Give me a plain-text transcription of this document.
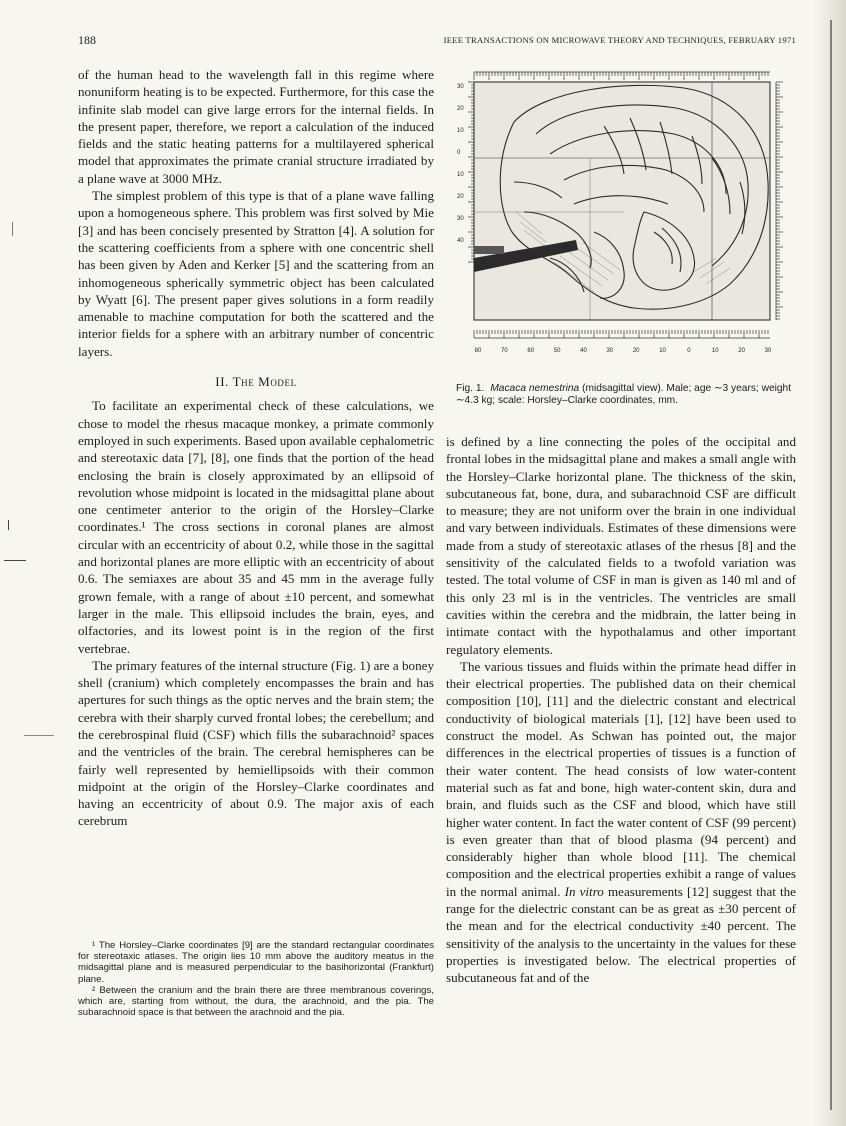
188	IEEE TRANSACTIONS ON MICROWAVE THEORY AND TECHNIQUES, FEBRUARY 1971

of the human head to the wavelength fall in this regime where nonuniform heating is to be expected. Furthermore, for this case the infinite slab model can give large errors for the internal fields. In the present paper, therefore, we report a calculation of the induced fields and the static heating patterns for a multilayered spherical model that approximates the primate cranial structure irradiated by a plane wave at 3000 MHz.

The simplest problem of this type is that of a plane wave falling upon a homogeneous sphere. This problem was first solved by Mie [3] and has been concisely presented by Stratton [4]. A solution for the scattering coefficients from a sphere with one concentric shell has been given by Aden and Kerker [5] and the scattering from an inhomogeneous spherically symmetric object has been calculated by Wyatt [6]. The present paper gives solutions in a form readily amenable to machine computation for both the scattered and the interior fields for a sphere with an arbitrary number of concentric layers.

II. The Model

To facilitate an experimental check of these calculations, we chose to model the rhesus macaque monkey, a primate commonly employed in such experiments. Based upon available cephalometric and stereotaxic data [7], [8], one finds that the portion of the head enclosing the brain is closely approximated by an ellipsoid of revolution whose midpoint is located in the midsagittal plane about one centimeter anterior to the origin of the Horsley–Clarke coordinates.¹ The cross sections in coronal planes are almost circular with an eccentricity of about 0.2, while those in the sagittal and horizontal planes are more elliptic with an eccentricity of about 0.6. The semiaxes are about 35 and 45 mm in the average fully grown female, with a range of about ±10 percent, and somewhat larger in the male. This ellipsoid includes the brain, eyes, and olfactories, and its lowest point is in the region of the first vertebrae.

The primary features of the internal structure (Fig. 1) are a boney shell (cranium) which completely encompasses the brain and has apertures for such things as the optic nerves and the brain stem; the cerebra with their sharply curved frontal lobes; the cerebellum; and the cerebrospinal fluid (CSF) which fills the subarachnoid² spaces and the ventricles of the brain. The cerebral hemispheres can be fairly well represented by hemiellipsoids with their common midpoint at the origin of the Horsley–Clarke coordinates and having an eccentricity of about 0.9. The major axis of each cerebrum

¹ The Horsley–Clarke coordinates [9] are the standard rectangular coordinates for stereotaxic atlases. The origin lies 10 mm above the auditory meatus in the midsagittal plane and is measured perpendicular to the basihorizontal (Frankfurt) plane.

² Between the cranium and the brain there are three membranous coverings, which are, starting from without, the dura, the arachnoid, and the pia. The subarachnoid space is that between the arachnoid and the pia.

30
20
10
0
10
20
30
40
80	70	60	50	40	30	20	10	0	10	20	30
Fig. 1. Macaca nemestrina (midsagittal view). Male; age ∼3 years; weight ∼4.3 kg; scale: Horsley–Clarke coordinates, mm.

is defined by a line connecting the poles of the occipital and frontal lobes in the midsagittal plane and makes a small angle with the Horsley–Clarke horizontal plane. The thickness of the skin, subcutaneous fat, bone, dura, and subarachnoid CSF are difficult to measure; they are not uniform over the brain in one individual and vary between individuals. Estimates of these dimensions were made from a study of stereotaxic atlases of the rhesus [8] and the sensitivity of the calculated fields to a twofold variation was tested. The total volume of CSF in man is given as 140 ml and of this only 23 ml is in the ventricles. The ventricles are small cavities within the cerebra and the midbrain, the latter being in intimate contact with the hypothalamus and other important regulatory elements.

The various tissues and fluids within the primate head differ in their electrical properties. The published data on their chemical composition [10], [11] and the dielectric constant and electrical conductivity of biological materials [1], [12] have been used to construct the model. As Schwan has pointed out, the major differences in the electrical properties of tissues is a function of their water content. The head consists of low water-content material such as fat and bone, high water-content skin, dura and brain, and fluids such as the CSF and blood, which have still higher water content. In fact the water content of CSF (99 percent) is even greater than that of blood plasma (94 percent) and considerably higher than whole blood [11]. The chemical composition and the electrical properties exhibit a range of values in the normal animal. In vitro measurements [12] suggest that the range for the dielectric constant can be as great as ±30 percent of the mean and for the electrical conductivity ±40 percent. The sensitivity of the analysis to the uncertainty in the values for these properties is investigated below. The electrical properties of subcutaneous fat and of the
